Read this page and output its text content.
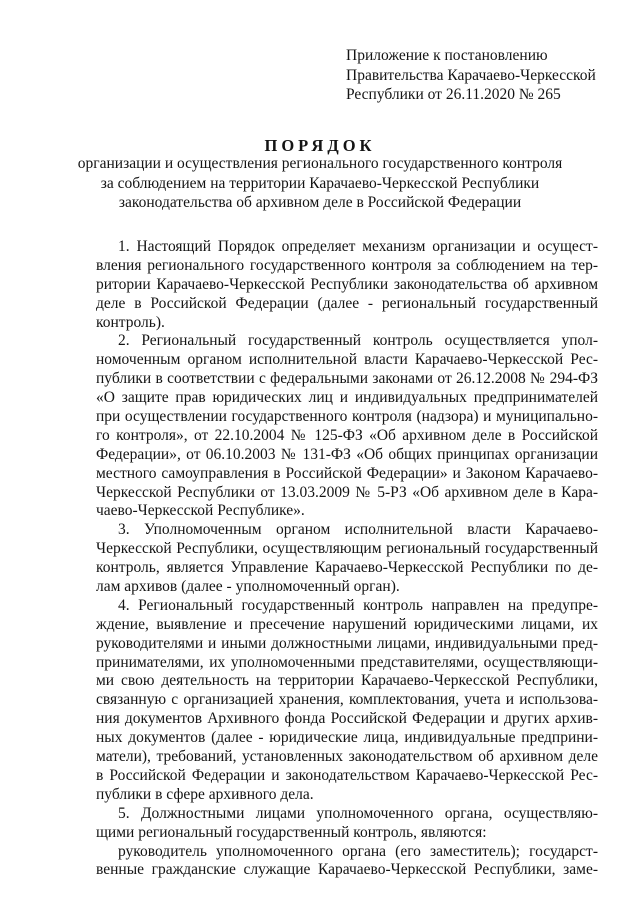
Приложение к постановлению
Правительства Карачаево-Черкесской
Республики от 26.11.2020 № 265
ПОРЯДОК
организации и осуществления регионального государственного контроля
за соблюдением на территории Карачаево-Черкесской Республики
законодательства об архивном деле в Российской Федерации
1. Настоящий Порядок определяет механизм организации и осущест-
вления регионального государственного контроля за соблюдением на тер-
ритории Карачаево-Черкесской Республики законодательства об архивном
деле в Российской Федерации (далее - региональный государственный
контроль).
2. Региональный государственный контроль осуществляется упол-
номоченным органом исполнительной власти Карачаево-Черкесской Рес-
публики в соответствии с федеральными законами от 26.12.2008 № 294-ФЗ
«О защите прав юридических лиц и индивидуальных предпринимателей
при осуществлении государственного контроля (надзора) и муниципально-
го контроля», от 22.10.2004 № 125-ФЗ «Об архивном деле в Российской
Федерации», от 06.10.2003 № 131-ФЗ «Об общих принципах организации
местного самоуправления в Российской Федерации» и Законом Карачаево-
Черкесской Республики от 13.03.2009 № 5-РЗ «Об архивном деле в Кара-
чаево-Черкесской Республике».
3. Уполномоченным органом исполнительной власти Карачаево-
Черкесской Республики, осуществляющим региональный государственный
контроль, является Управление Карачаево-Черкесской Республики по де-
лам архивов (далее - уполномоченный орган).
4. Региональный государственный контроль направлен на предупре-
ждение, выявление и пресечение нарушений юридическими лицами, их
руководителями и иными должностными лицами, индивидуальными пред-
принимателями, их уполномоченными представителями, осуществляющи-
ми свою деятельность на территории Карачаево-Черкесской Республики,
связанную с организацией хранения, комплектования, учета и использова-
ния документов Архивного фонда Российской Федерации и других архив-
ных документов (далее - юридические лица, индивидуальные предприни-
матели), требований, установленных законодательством об архивном деле
в Российской Федерации и законодательством Карачаево-Черкесской Рес-
публики в сфере архивного дела.
5. Должностными лицами уполномоченного органа, осуществляю-
щими региональный государственный контроль, являются:
руководитель уполномоченного органа (его заместитель); государст-
венные гражданские служащие Карачаево-Черкесской Республики, заме-
